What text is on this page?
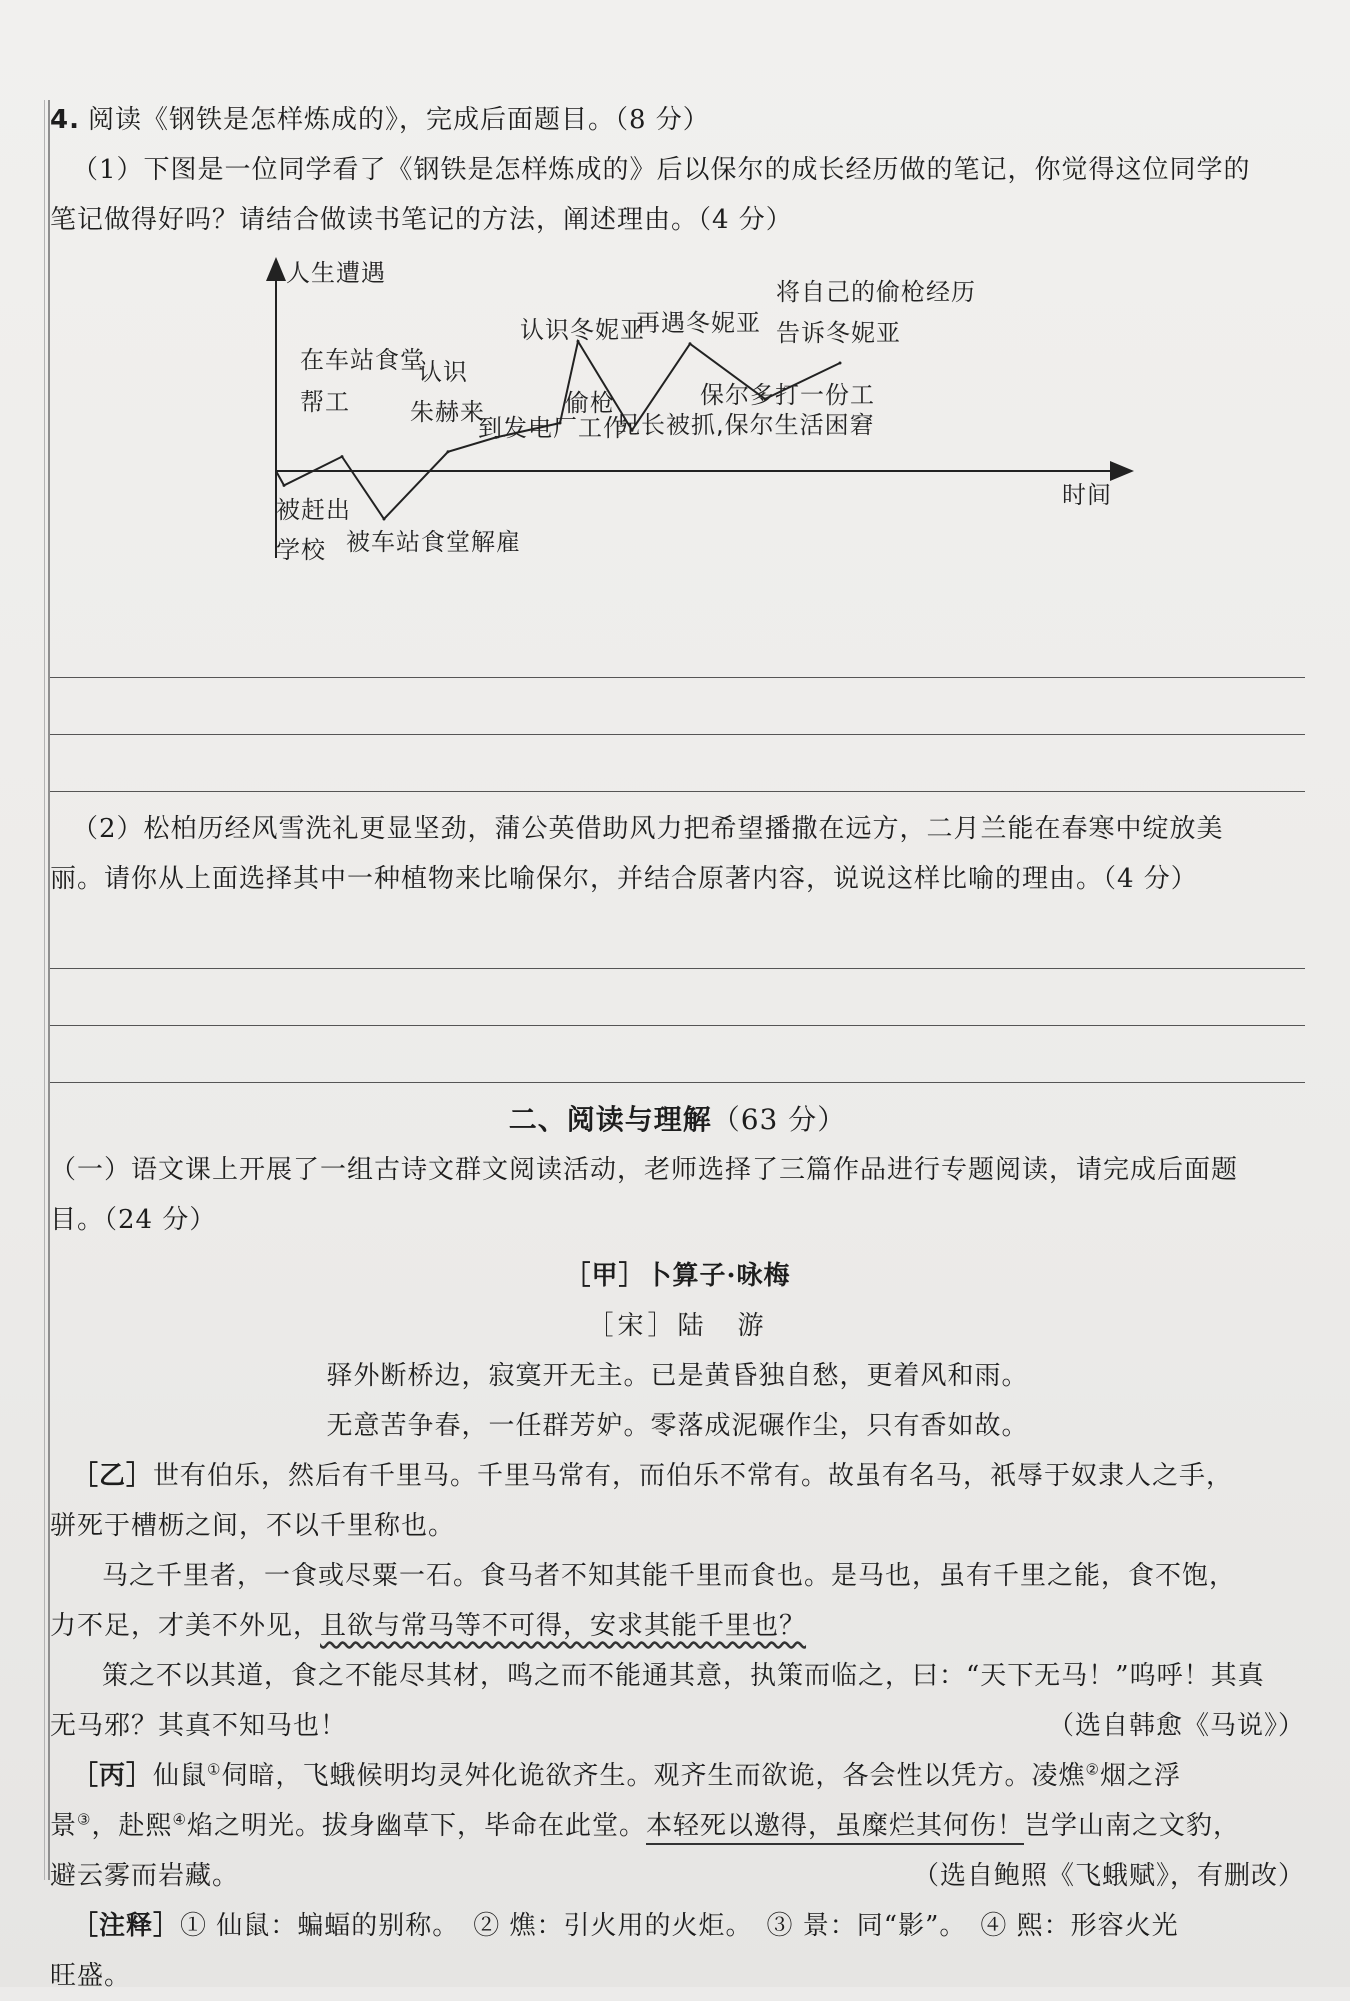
4. 阅读《钢铁是怎样炼成的》，完成后面题目。（8 分）
（1）下图是一位同学看了《钢铁是怎样炼成的》后以保尔的成长经历做的笔记，你觉得这位同学的
笔记做得好吗？请结合做读书笔记的方法，阐述理由。（4 分）
人生遭遇
时间
被赶出
学校
在车站食堂
帮工
被车站食堂解雇
认识
朱赫来
到发电厂工作
偷枪
认识冬妮亚
兄长被抓,保尔生活困窘
再遇冬妮亚
保尔多打一份工
将自己的偷枪经历
告诉冬妮亚
（2）松柏历经风雪洗礼更显坚劲，蒲公英借助风力把希望播撒在远方，二月兰能在春寒中绽放美
丽。请你从上面选择其中一种植物来比喻保尔，并结合原著内容，说说这样比喻的理由。（4 分）
二、阅读与理解（63 分）
（一）语文课上开展了一组古诗文群文阅读活动，老师选择了三篇作品进行专题阅读，请完成后面题
目。（24 分）
［甲］卜算子·咏梅
［宋］陆　游
驿外断桥边，寂寞开无主。已是黄昏独自愁，更着风和雨。
无意苦争春，一任群芳妒。零落成泥碾作尘，只有香如故。
［乙］世有伯乐，然后有千里马。千里马常有，而伯乐不常有。故虽有名马，祇辱于奴隶人之手，
骈死于槽枥之间，不以千里称也。
马之千里者，一食或尽粟一石。食马者不知其能千里而食也。是马也，虽有千里之能，食不饱，
力不足，才美不外见，且欲与常马等不可得，安求其能千里也？
策之不以其道，食之不能尽其材，鸣之而不能通其意，执策而临之，曰：“天下无马！”呜呼！其真
无马邪？其真不知马也！	（选自韩愈《马说》）
［丙］仙鼠①伺暗，飞蛾候明均灵舛化诡欲齐生。观齐生而欲诡，各会性以凭方。凌燋②烟之浮
景③，赴熙④焰之明光。拔身幽草下，毕命在此堂。本轻死以邀得，虽糜烂其何伤！岂学山南之文豹，
避云雾而岩藏。	（选自鲍照《飞蛾赋》，有删改）
［注释］① 仙鼠：蝙蝠的别称。　② 燋：引火用的火炬。　③ 景：同“影”。　④ 熙：形容火光
旺盛。
